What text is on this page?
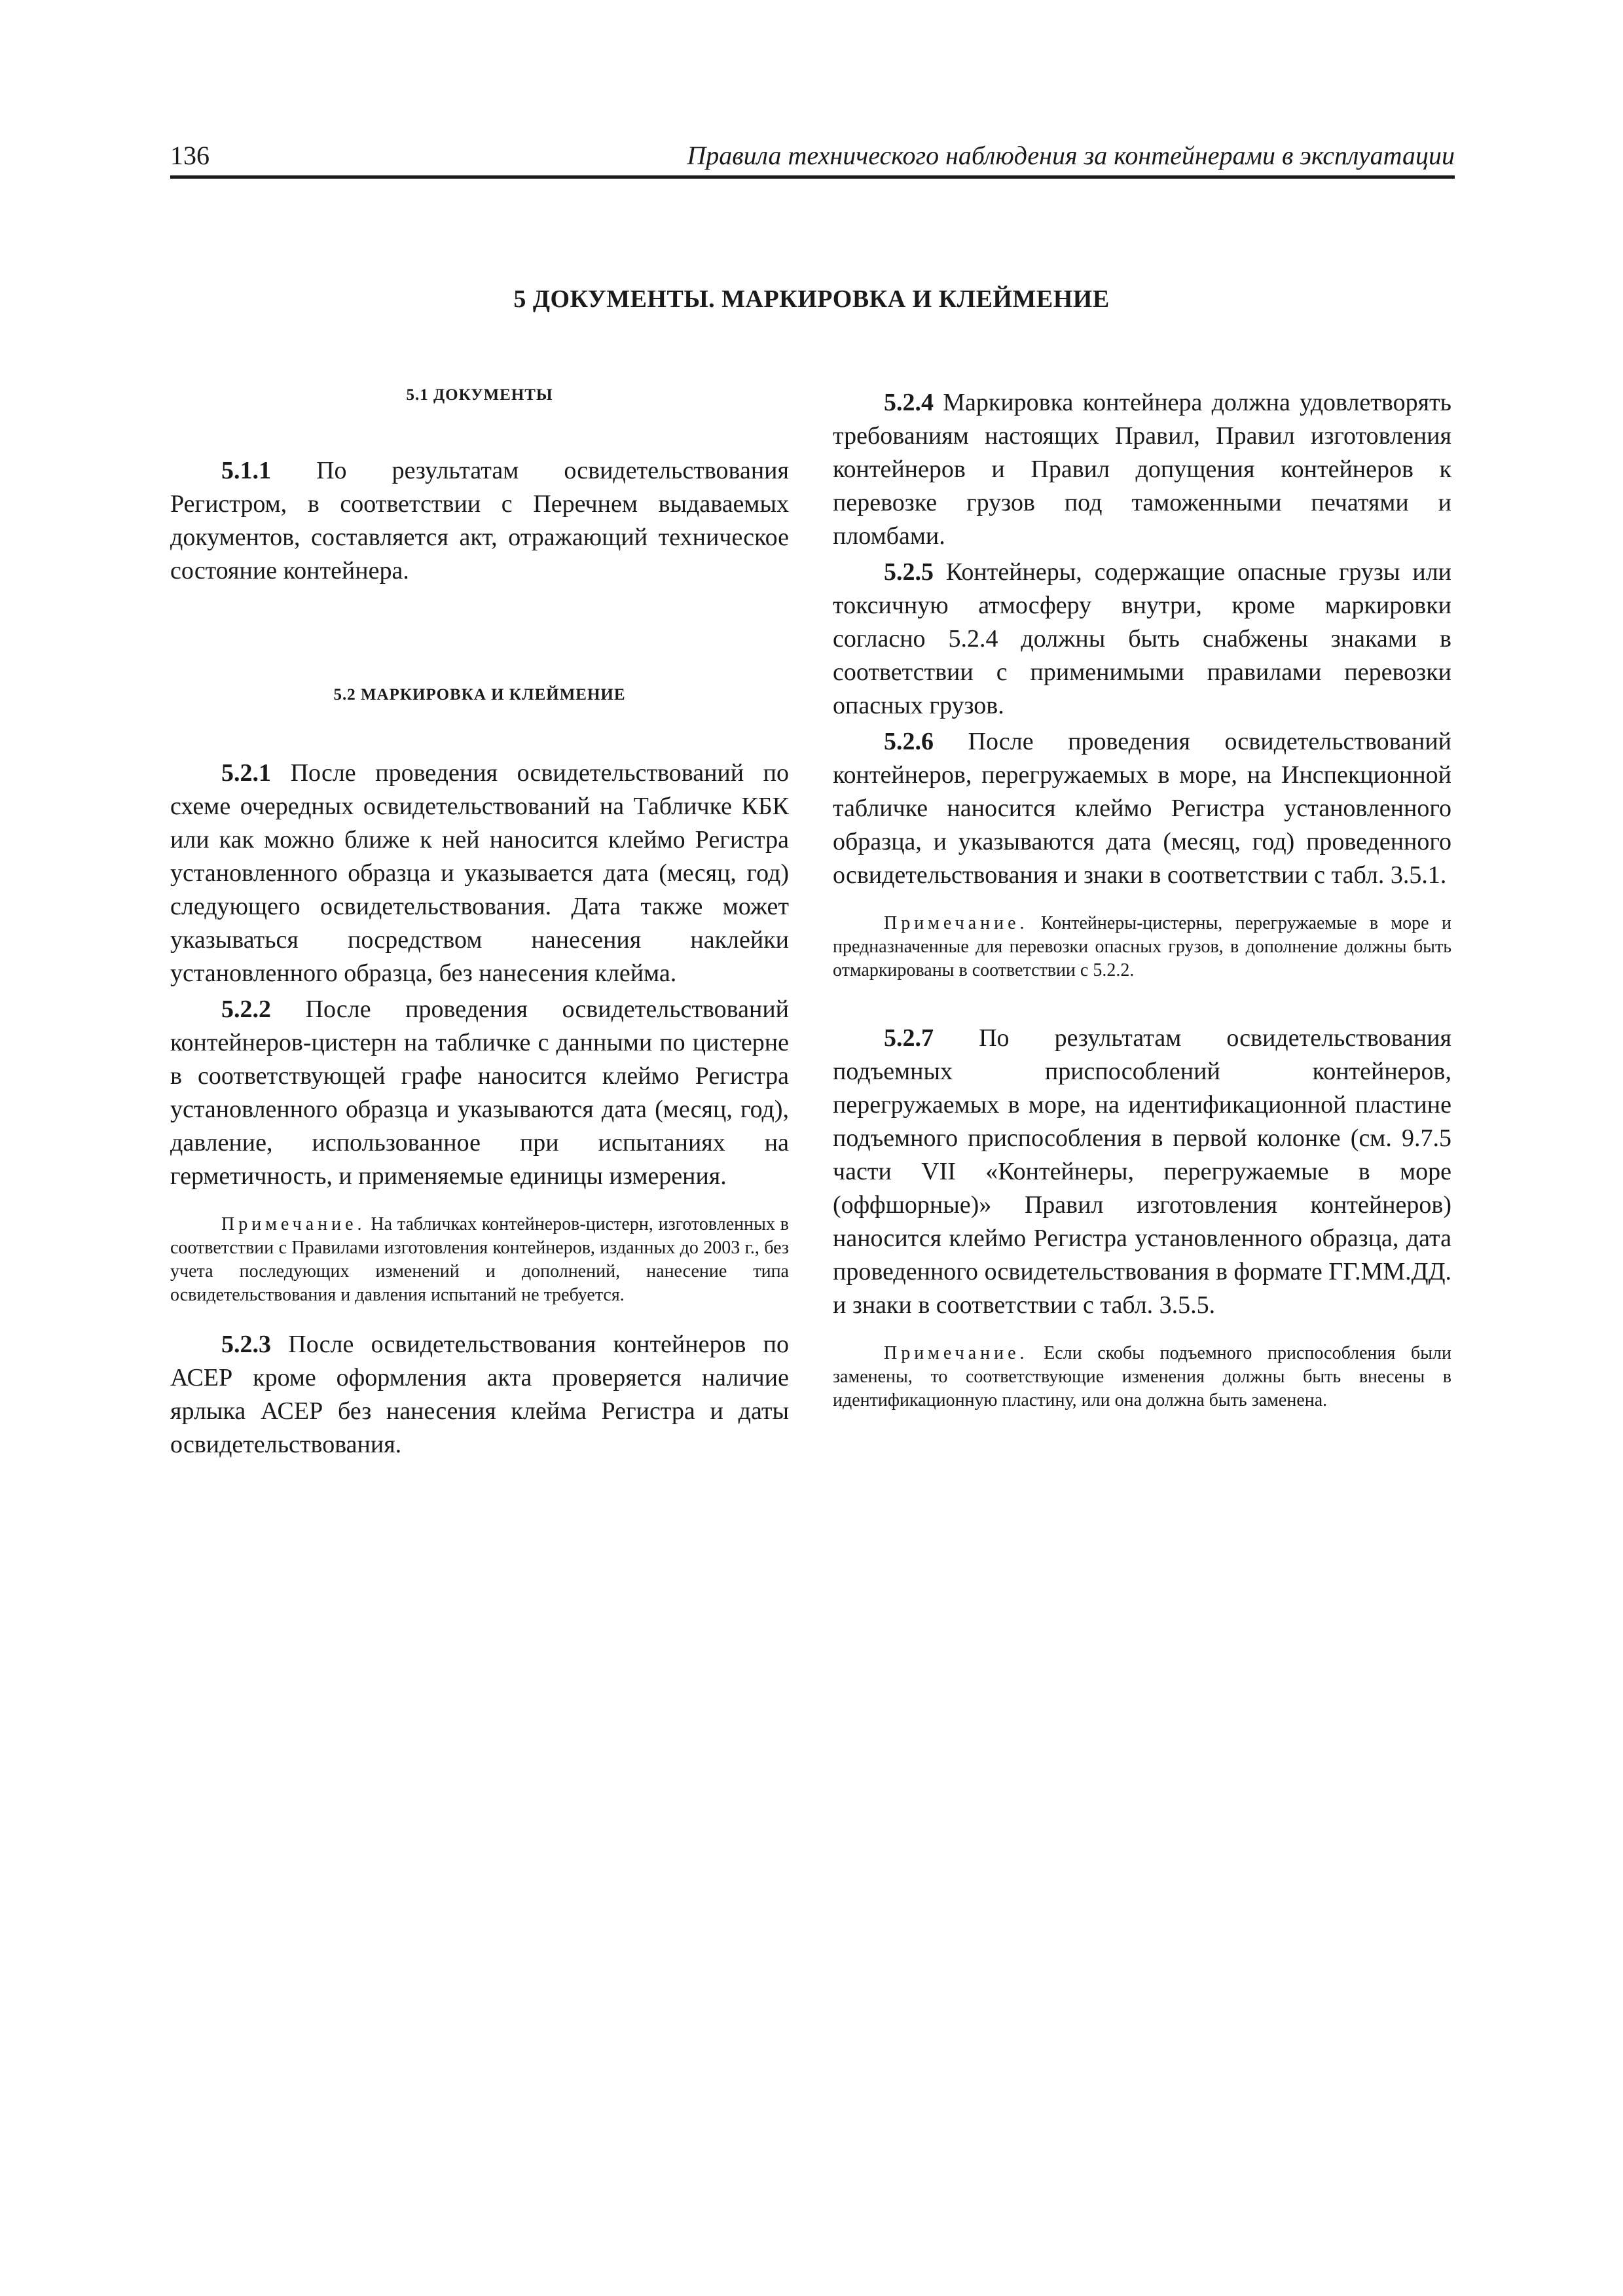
136	Правила технического наблюдения за контейнерами в эксплуатации
5 ДОКУМЕНТЫ. МАРКИРОВКА И КЛЕЙМЕНИЕ

5.1 ДОКУМЕНТЫ

5.1.1 По результатам освидетельствования Регистром, в соответствии с Перечнем выдаваемых документов, составляется акт, отражающий техническое состояние контейнера.

5.2 МАРКИРОВКА И КЛЕЙМЕНИЕ

5.2.1 После проведения освидетельствований по схеме очередных освидетельствований на Табличке КБК или как можно ближе к ней наносится клеймо Регистра установленного образца и указывается дата (месяц, год) следующего освидетельствования. Дата также может указываться посредством нанесения наклейки установленного образца, без нанесения клейма.

5.2.2 После проведения освидетельствований контейнеров-цистерн на табличке с данными по цистерне в соответствующей графе наносится клеймо Регистра установленного образца и указываются дата (месяц, год), давление, использованное при испытаниях на герметичность, и применяемые единицы измерения.

Примечание. На табличках контейнеров-цистерн, изготовленных в соответствии с Правилами изготовления контейнеров, изданных до 2003 г., без учета последующих изменений и дополнений, нанесение типа освидетельствования и давления испытаний не требуется.

5.2.3 После освидетельствования контейнеров по АСЕР кроме оформления акта проверяется наличие ярлыка АСЕР без нанесения клейма Регистра и даты освидетельствования.

5.2.4 Маркировка контейнера должна удовлетворять требованиям настоящих Правил, Правил изготовления контейнеров и Правил допущения контейнеров к перевозке грузов под таможенными печатями и пломбами.

5.2.5 Контейнеры, содержащие опасные грузы или токсичную атмосферу внутри, кроме маркировки согласно 5.2.4 должны быть снабжены знаками в соответствии с применимыми правилами перевозки опасных грузов.

5.2.6 После проведения освидетельствований контейнеров, перегружаемых в море, на Инспекционной табличке наносится клеймо Регистра установленного образца, и указываются дата (месяц, год) проведенного освидетельствования и знаки в соответствии с табл. 3.5.1.

Примечание. Контейнеры-цистерны, перегружаемые в море и предназначенные для перевозки опасных грузов, в дополнение должны быть отмаркированы в соответствии с 5.2.2.

5.2.7 По результатам освидетельствования подъемных приспособлений контейнеров, перегружаемых в море, на идентификационной пластине подъемного приспособления в первой колонке (см. 9.7.5 части VII «Контейнеры, перегружаемые в море (оффшорные)» Правил изготовления контейнеров) наносится клеймо Регистра установленного образца, дата проведенного освидетельствования в формате ГГ.ММ.ДД. и знаки в соответствии с табл. 3.5.5.

Примечание. Если скобы подъемного приспособления были заменены, то соответствующие изменения должны быть внесены в идентификационную пластину, или она должна быть заменена.
